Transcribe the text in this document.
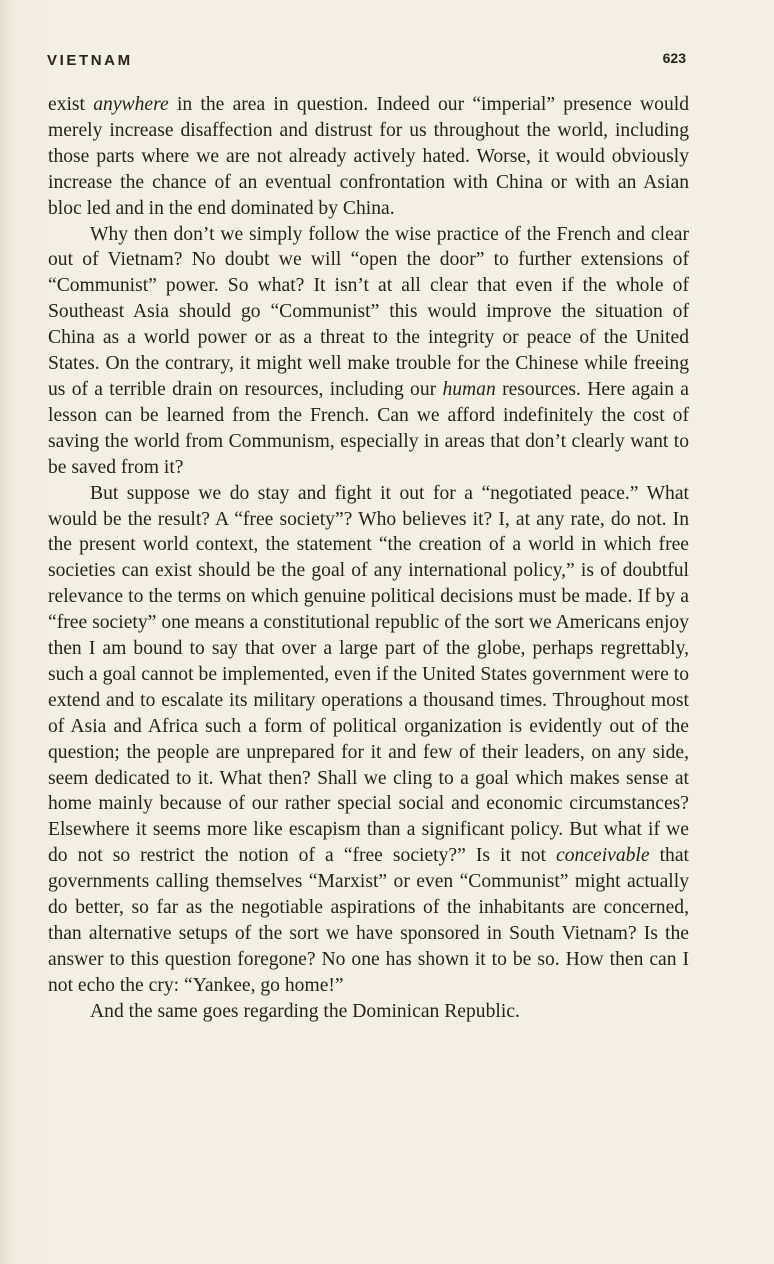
VIETNAM	623

exist anywhere in the area in question. Indeed our “imperial” presence would merely increase disaffection and distrust for us throughout the world, including those parts where we are not already actively hated. Worse, it would obviously increase the chance of an eventual confrontation with China or with an Asian bloc led and in the end dominated by China.

Why then don’t we simply follow the wise practice of the French and clear out of Vietnam? No doubt we will “open the door” to further extensions of “Communist” power. So what? It isn’t at all clear that even if the whole of Southeast Asia should go “Communist” this would improve the situation of China as a world power or as a threat to the integrity or peace of the United States. On the contrary, it might well make trouble for the Chinese while freeing us of a terrible drain on resources, including our human resources. Here again a lesson can be learned from the French. Can we afford indefinitely the cost of saving the world from Communism, especially in areas that don’t clearly want to be saved from it?

But suppose we do stay and fight it out for a “negotiated peace.” What would be the result? A “free society”? Who believes it? I, at any rate, do not. In the present world context, the statement “the creation of a world in which free societies can exist should be the goal of any international policy,” is of doubtful relevance to the terms on which genuine political decisions must be made. If by a “free society” one means a constitutional republic of the sort we Americans enjoy then I am bound to say that over a large part of the globe, perhaps regrettably, such a goal cannot be implemented, even if the United States government were to extend and to escalate its military operations a thousand times. Throughout most of Asia and Africa such a form of political organization is evidently out of the question; the people are unprepared for it and few of their leaders, on any side, seem dedicated to it. What then? Shall we cling to a goal which makes sense at home mainly because of our rather special social and economic circumstances? Elsewhere it seems more like escapism than a significant policy. But what if we do not so restrict the notion of a “free society?” Is it not conceivable that governments calling themselves “Marxist” or even “Communist” might actually do better, so far as the negotiable aspirations of the inhabitants are concerned, than alternative setups of the sort we have sponsored in South Vietnam? Is the answer to this question foregone? No one has shown it to be so. How then can I not echo the cry: “Yankee, go home!”

And the same goes regarding the Dominican Republic.
